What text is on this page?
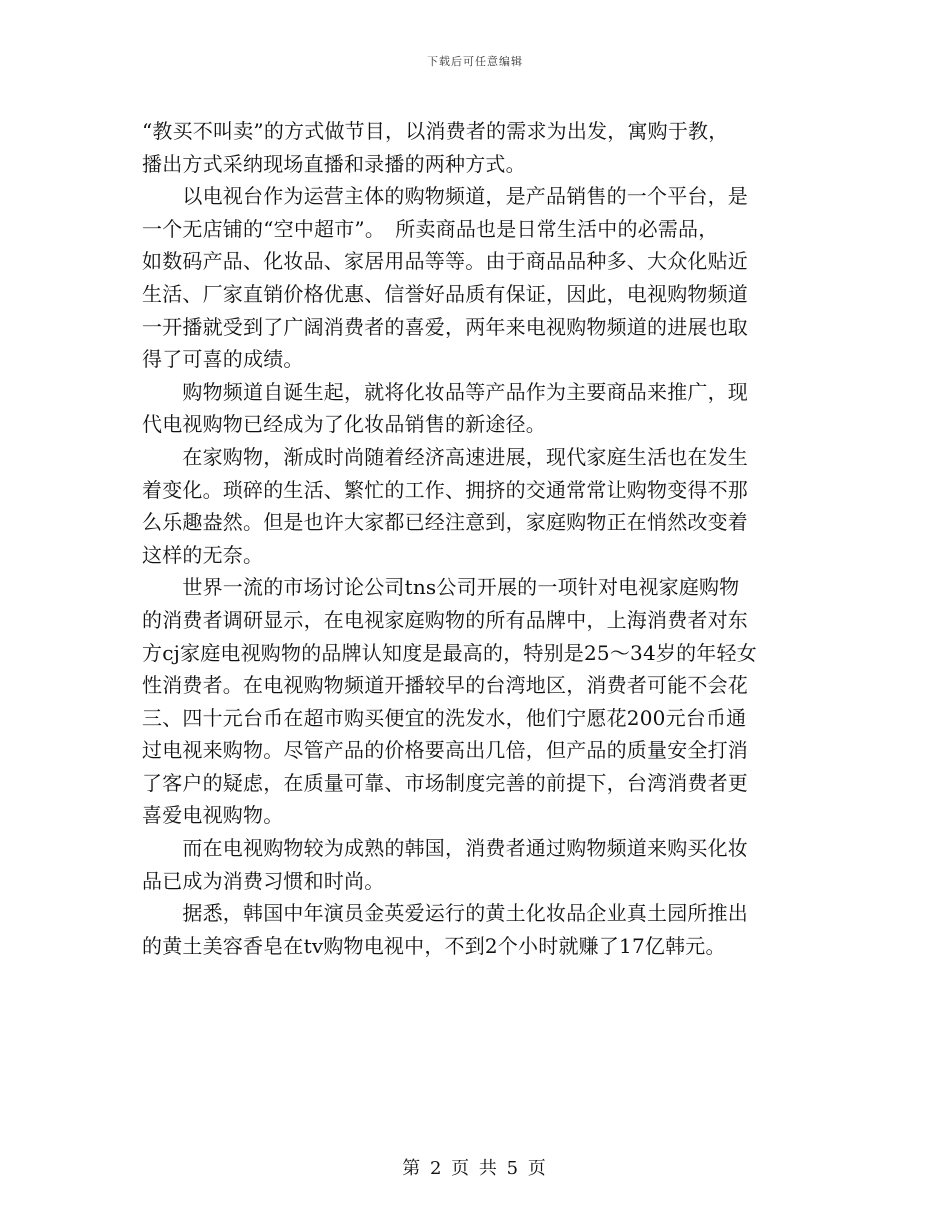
下载后可任意编辑

“教买不叫卖”的方式做节目，以消费者的需求为出发，寓购于教，
播出方式采纳现场直播和录播的两种方式。

　　以电视台作为运营主体的购物频道，是产品销售的一个平台，是
一个无店铺的“空中超市”。　所卖商品也是日常生活中的必需品，
如数码产品、化妆品、家居用品等等。由于商品品种多、大众化贴近
生活、厂家直销价格优惠、信誉好品质有保证，因此，电视购物频道
一开播就受到了广阔消费者的喜爱，两年来电视购物频道的进展也取
得了可喜的成绩。

　　购物频道自诞生起，就将化妆品等产品作为主要商品来推广，现
代电视购物已经成为了化妆品销售的新途径。

　　在家购物，渐成时尚随着经济高速进展，现代家庭生活也在发生
着变化。琐碎的生活、繁忙的工作、拥挤的交通常常让购物变得不那
么乐趣盎然。但是也许大家都已经注意到，家庭购物正在悄然改变着
这样的无奈。

　　世界一流的市场讨论公司tns公司开展的一项针对电视家庭购物
的消费者调研显示，在电视家庭购物的所有品牌中，上海消费者对东
方cj家庭电视购物的品牌认知度是最高的，特别是25～34岁的年轻女
性消费者。在电视购物频道开播较早的台湾地区，消费者可能不会花
三、四十元台币在超市购买便宜的洗发水，他们宁愿花200元台币通
过电视来购物。尽管产品的价格要高出几倍，但产品的质量安全打消
了客户的疑虑，在质量可靠、市场制度完善的前提下，台湾消费者更
喜爱电视购物。

　　而在电视购物较为成熟的韩国，消费者通过购物频道来购买化妆
品已成为消费习惯和时尚。

　　据悉，韩国中年演员金英爱运行的黄土化妆品企业真土园所推出
的黄土美容香皂在tv购物电视中，不到2个小时就赚了17亿韩元。

第 2 页 共 5 页
